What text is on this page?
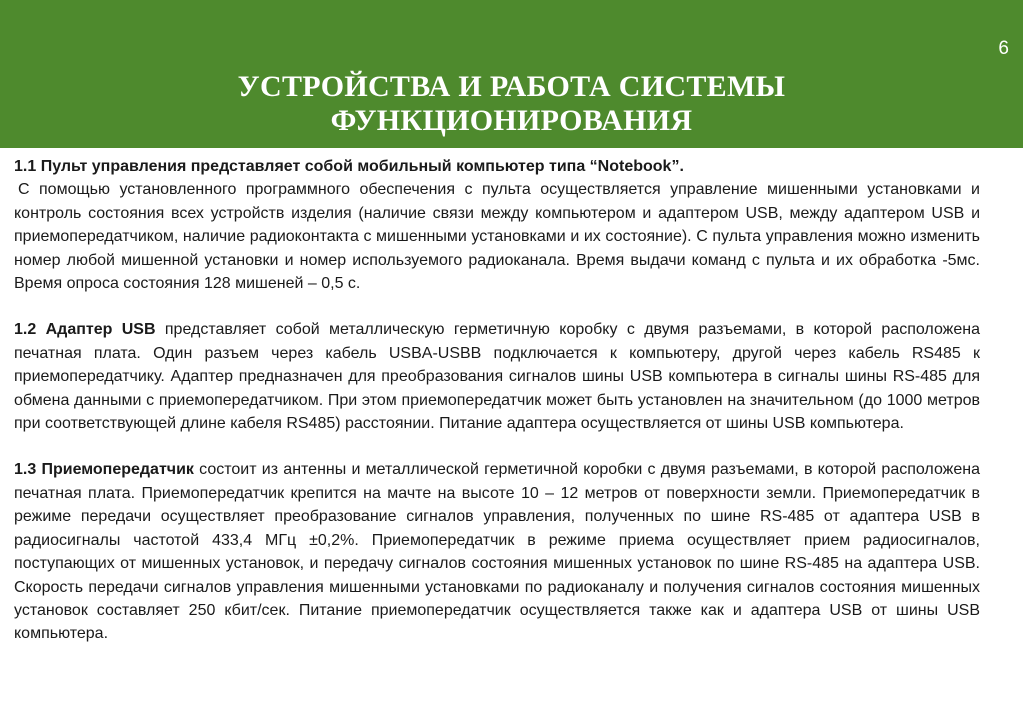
6
УСТРОЙСТВА И РАБОТА СИСТЕМЫ
ФУНКЦИОНИРОВАНИЯ

1.1 Пульт управления представляет собой мобильный компьютер типа “Notebook”.

С помощью установленного программного обеспечения с пульта осуществляется управление мишенными установками и контроль состояния всех устройств изделия (наличие связи между компьютером и адаптером USB, между адаптером USB и приемопередатчиком, наличие радиоконтакта с мишенными установками и их состояние). С пульта управления можно изменить номер любой мишенной установки и номер используемого радиоканала. Время выдачи команд с пульта и их обработка -5мс. Время опроса состояния 128 мишеней – 0,5 с.

1.2 Адаптер USB представляет собой металлическую герметичную коробку с двумя разъемами, в которой расположена печатная плата. Один разъем через кабель USBA-USBB подключается к компьютеру, другой через кабель RS485 к приемопередатчику. Адаптер предназначен для преобразования сигналов шины USB компьютера в сигналы шины RS-485 для обмена данными с приемопередатчиком. При этом приемопередатчик может быть установлен на значительном (до 1000 метров при соответствующей длине кабеля RS485) расстоянии. Питание адаптера осуществляется от шины USB компьютера.

1.3 Приемопередатчик состоит из антенны и металлической герметичной коробки с двумя разъемами, в которой расположена печатная плата. Приемопередатчик крепится на мачте на высоте 10 – 12 метров от поверхности земли. Приемопередатчик в режиме передачи осуществляет преобразование сигналов управления, полученных по шине RS-485 от адаптера USB в радиосигналы частотой 433,4 МГц ±0,2%. Приемопередатчик в режиме приема осуществляет прием радиосигналов, поступающих от мишенных установок, и передачу сигналов состояния мишенных установок по шине RS-485 на адаптера USB. Скорость передачи сигналов управления мишенными установками по радиоканалу и получения сигналов состояния мишенных установок составляет 250 кбит/сек. Питание приемопередатчик осуществляется также как и адаптера USB от шины USB компьютера.
